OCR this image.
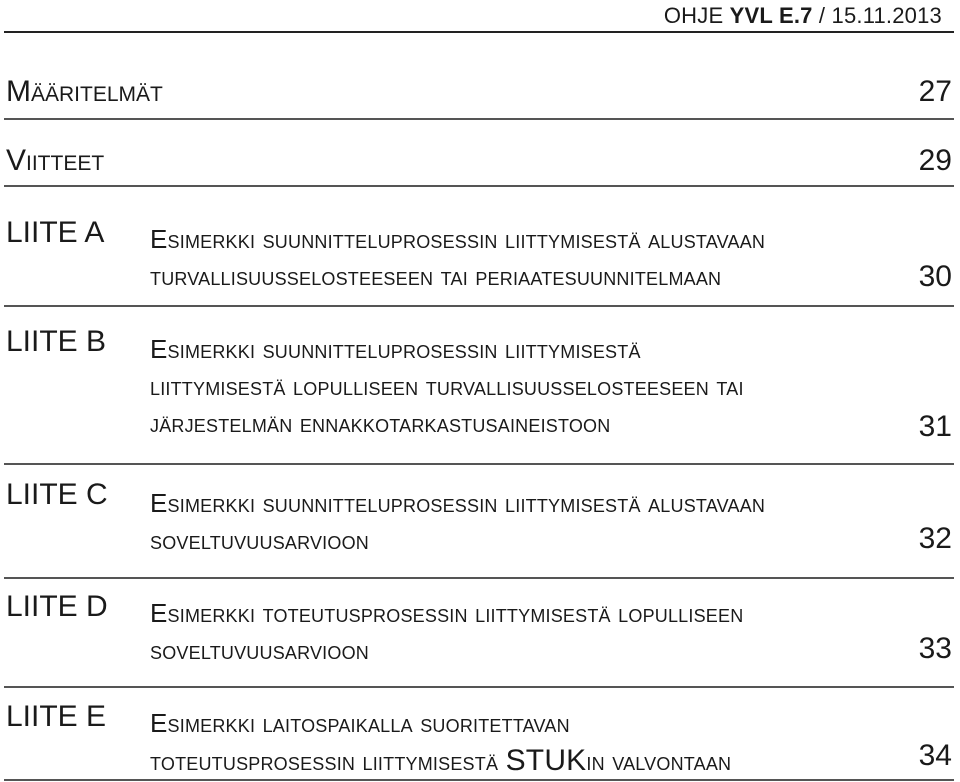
OHJE YVL E.7 / 15.11.2013
Määritelmät	27
Viitteet	29
LIITE A Esimerkki suunnitteluprosessin liittymisestä alustavaan
turvallisuusselosteeseen tai periaatesuunnitelmaan	30
LIITE B Esimerkki suunnitteluprosessin liittymisestä
liittymisestä lopulliseen turvallisuusselosteeseen tai
järjestelmän ennakkotarkastusaineistoon	31
LIITE C Esimerkki suunnitteluprosessin liittymisestä alustavaan
soveltuvuusarvioon	32
LIITE D Esimerkki toteutusprosessin liittymisestä lopulliseen
soveltuvuusarvioon	33
LIITE E Esimerkki laitospaikalla suoritettavan
toteutusprosessin liittymisestä STUKin valvontaan	34
